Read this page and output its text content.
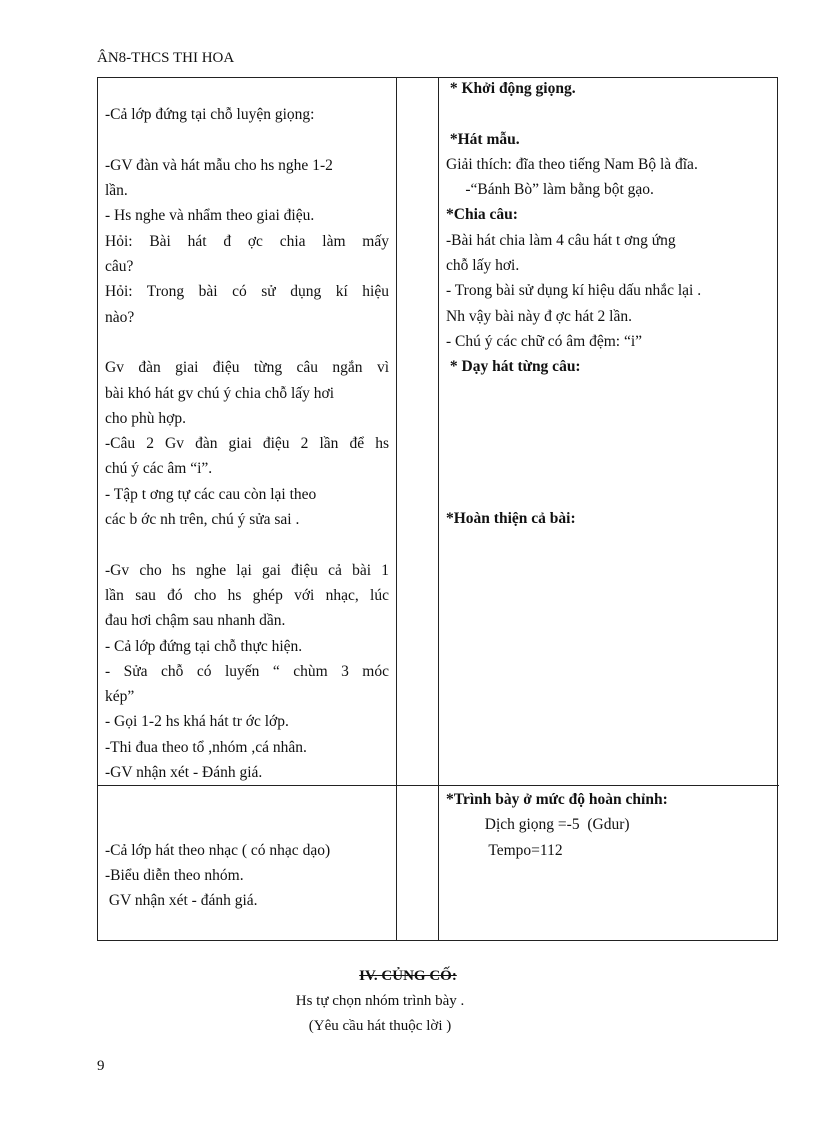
ÂN8-THCS THI HOA
-Cả lớp đứng tại chỗ luyện giọng:
-GV đàn và hát mẫu cho hs nghe 1-2
lần.
- Hs nghe và nhẩm theo giai điệu.
Hỏi: Bài hát đ ợc chia làm mấy
câu?
Hỏi: Trong bài có sử dụng kí hiệu
nào?
Gv đàn giai điệu từng câu ngắn vì
bài khó hát gv chú ý chia chỗ lấy hơi
cho phù hợp.
-Câu 2 Gv đàn giai điệu 2 lần để hs
chú ý các âm “i”.
- Tập t ơng tự các cau còn lại theo
các b ớc nh trên, chú ý sửa sai .
-Gv cho hs nghe lại gai điệu cả bài 1
lần sau đó cho hs ghép với nhạc, lúc
đau hơi chậm sau nhanh dần.
- Cả lớp đứng tại chỗ thực hiện.
- Sửa chỗ có luyến “ chùm 3 móc
kép”
- Gọi 1-2 hs khá hát tr ớc lớp.
-Thi đua theo tổ ,nhóm ,cá nhân.
-GV nhận xét - Đánh giá.
-Cả lớp hát theo nhạc ( có nhạc dạo)
-Biểu diễn theo nhóm.
GV nhận xét - đánh giá.
* Khởi động giọng.
*Hát mẫu.
Giải thích: đĩa theo tiếng Nam Bộ là đĩa.
-“Bánh Bò” làm bằng bột gạo.
*Chia câu:
-Bài hát chia làm 4 câu hát t ơng ứng
chỗ lấy hơi.
- Trong bài sử dụng kí hiệu dấu nhắc lại .
Nh vậy bài này đ ợc hát 2 lần.
- Chú ý các chữ có âm đệm: “i”
* Dạy hát từng câu:
*Hoàn thiện cả bài:
*Trình bày ở mức độ hoàn chỉnh:
Dịch giọng =-5  (Gdur)
Tempo=112
IV. CỦNG CỐ:
Hs tự chọn nhóm trình bày .
(Yêu cầu hát thuộc lời )
9
